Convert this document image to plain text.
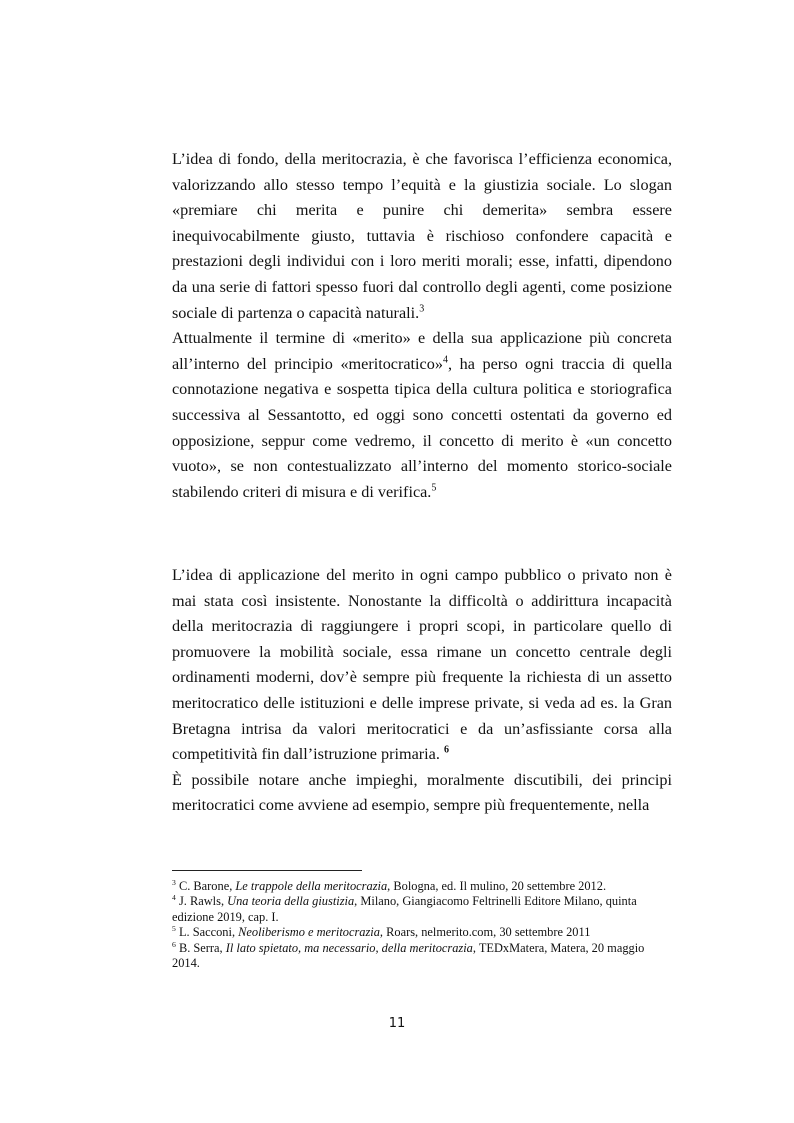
L’idea di fondo, della meritocrazia, è che favorisca l’efficienza economica, valorizzando allo stesso tempo l’equità e la giustizia sociale. Lo slogan «premiare chi merita e punire chi demerita» sembra essere inequivocabilmente giusto, tuttavia è rischioso confondere capacità e prestazioni degli individui con i loro meriti morali; esse, infatti, dipendono da una serie di fattori spesso fuori dal controllo degli agenti, come posizione sociale di partenza o capacità naturali.$^3$

Attualmente il termine di «merito» e della sua applicazione più concreta all’interno del principio «meritocratico»$^4$, ha perso ogni traccia di quella connotazione negativa e sospetta tipica della cultura politica e storiografica successiva al Sessantotto, ed oggi sono concetti ostentati da governo ed opposizione, seppur come vedremo, il concetto di merito è «un concetto vuoto», se non contestualizzato all’interno del momento storico-sociale stabilendo criteri di misura e di verifica.$^5$

L’idea di applicazione del merito in ogni campo pubblico o privato non è mai stata così insistente. Nonostante la difficoltà o addirittura incapacità della meritocrazia di raggiungere i propri scopi, in particolare quello di promuovere la mobilità sociale, essa rimane un concetto centrale degli ordinamenti moderni, dov’è sempre più frequente la richiesta di un assetto meritocratico delle istituzioni e delle imprese private, si veda ad es. la Gran Bretagna intrisa da valori meritocratici e da un’asfissiante corsa alla competitività fin dall’istruzione primaria. $^6$

È possibile notare anche impieghi, moralmente discutibili, dei principi meritocratici come avviene ad esempio, sempre più frequentemente, nella

$^3$ C. Barone, Le trappole della meritocrazia, Bologna, ed. Il mulino, 20 settembre 2012.

$^4$ J. Rawls, Una teoria della giustizia, Milano, Giangiacomo Feltrinelli Editore Milano, quinta edizione 2019, cap. I.

$^5$ L. Sacconi, Neoliberismo e meritocrazia, Roars, nelmerito.com, 30 settembre 2011

$^6$ B. Serra, Il lato spietato, ma necessario, della meritocrazia, TEDxMatera, Matera, 20 maggio 2014.

11
